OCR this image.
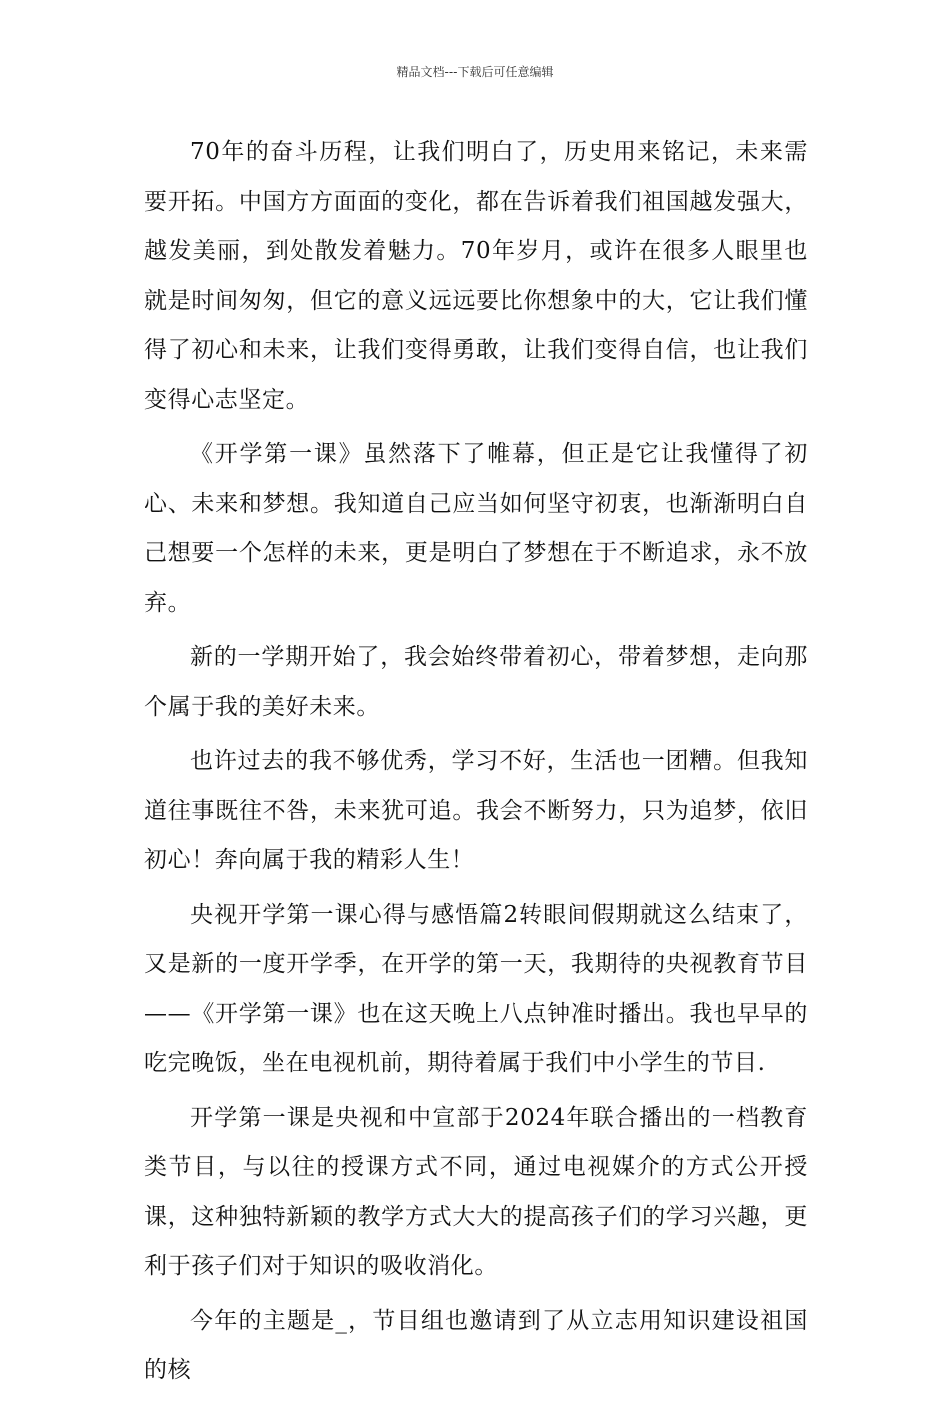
精品文档---下载后可任意编辑

70年的奋斗历程，让我们明白了，历史用来铭记，未来需要开拓。中国方方面面的变化，都在告诉着我们祖国越发强大，越发美丽，到处散发着魅力。70年岁月，或许在很多人眼里也就是时间匆匆，但它的意义远远要比你想象中的大，它让我们懂得了初心和未来，让我们变得勇敢，让我们变得自信，也让我们变得心志坚定。

《开学第一课》虽然落下了帷幕，但正是它让我懂得了初心、未来和梦想。我知道自己应当如何坚守初衷，也渐渐明白自己想要一个怎样的未来，更是明白了梦想在于不断追求，永不放弃。

新的一学期开始了，我会始终带着初心，带着梦想，走向那个属于我的美好未来。

也许过去的我不够优秀，学习不好，生活也一团糟。但我知道往事既往不咎，未来犹可追。我会不断努力，只为追梦，依旧初心！奔向属于我的精彩人生！

央视开学第一课心得与感悟篇2转眼间假期就这么结束了，又是新的一度开学季，在开学的第一天，我期待的央视教育节目——《开学第一课》也在这天晚上八点钟准时播出。我也早早的吃完晚饭，坐在电视机前，期待着属于我们中小学生的节目.

开学第一课是央视和中宣部于2024年联合播出的一档教育类节目，与以往的授课方式不同，通过电视媒介的方式公开授课，这种独特新颖的教学方式大大的提高孩子们的学习兴趣，更利于孩子们对于知识的吸收消化。

今年的主题是_，节目组也邀请到了从立志用知识建设祖国的核
